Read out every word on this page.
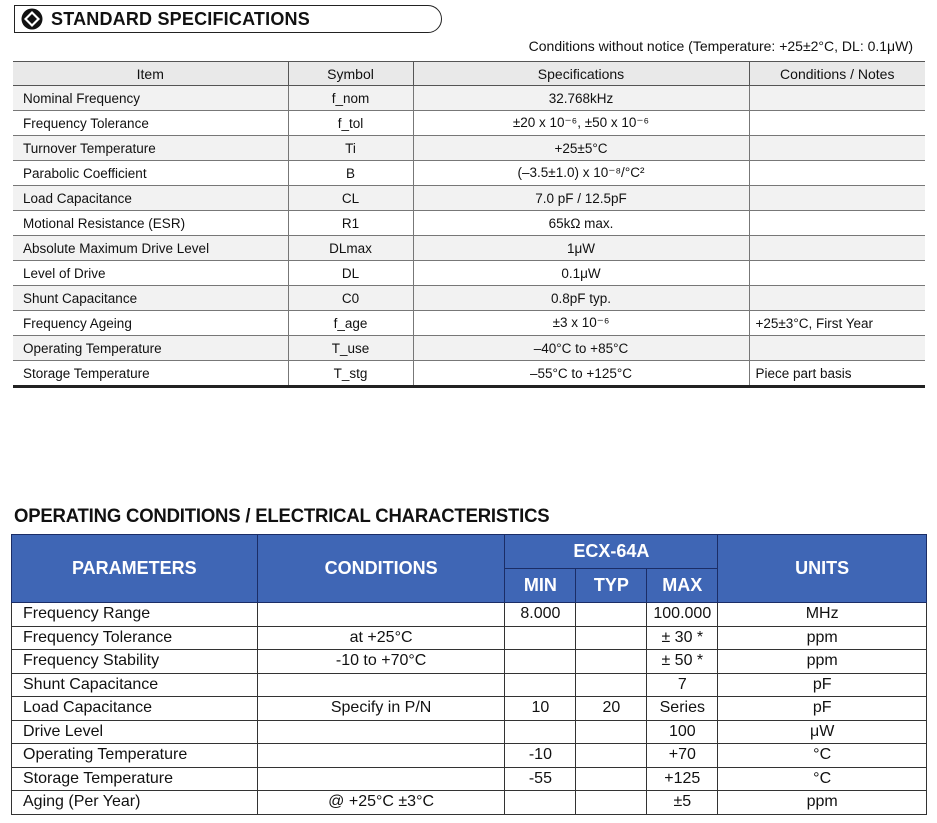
STANDARD SPECIFICATIONS
Conditions without notice (Temperature: +25±2°C, DL: 0.1μW)
Item	Symbol	Specifications	Conditions / Notes
Nominal Frequency	f_nom	32.768kHz	
Frequency Tolerance	f_tol	±20 x 10⁻⁶, ±50 x 10⁻⁶	
Turnover Temperature	Ti	+25±5°C	
Parabolic Coefficient	B	(–3.5±1.0) x 10⁻⁸/°C²	
Load Capacitance	CL	7.0 pF / 12.5pF	
Motional Resistance (ESR)	R1	65kΩ max.	
Absolute Maximum Drive Level	DLmax	1μW	
Level of Drive	DL	0.1μW	
Shunt Capacitance	C0	0.8pF typ.	
Frequency Ageing	f_age	±3 x 10⁻⁶	+25±3°C, First Year
Operating Temperature	T_use	–40°C to +85°C	
Storage Temperature	T_stg	–55°C to +125°C	Piece part basis
OPERATING CONDITIONS / ELECTRICAL CHARACTERISTICS
PARAMETERS	CONDITIONS	ECX-64A			UNITS
		MIN	TYP	MAX	
Frequency Range		8.000		100.000	MHz
Frequency Tolerance	at +25°C			± 30 *	ppm
Frequency Stability	-10 to +70°C			± 50 *	ppm
Shunt Capacitance				7	pF
Load Capacitance	Specify in P/N	10	20	Series	pF
Drive Level				100	μW
Operating Temperature		-10		+70	°C
Storage Temperature		-55		+125	°C
Aging (Per Year)	@ +25°C ±3°C			±5	ppm
